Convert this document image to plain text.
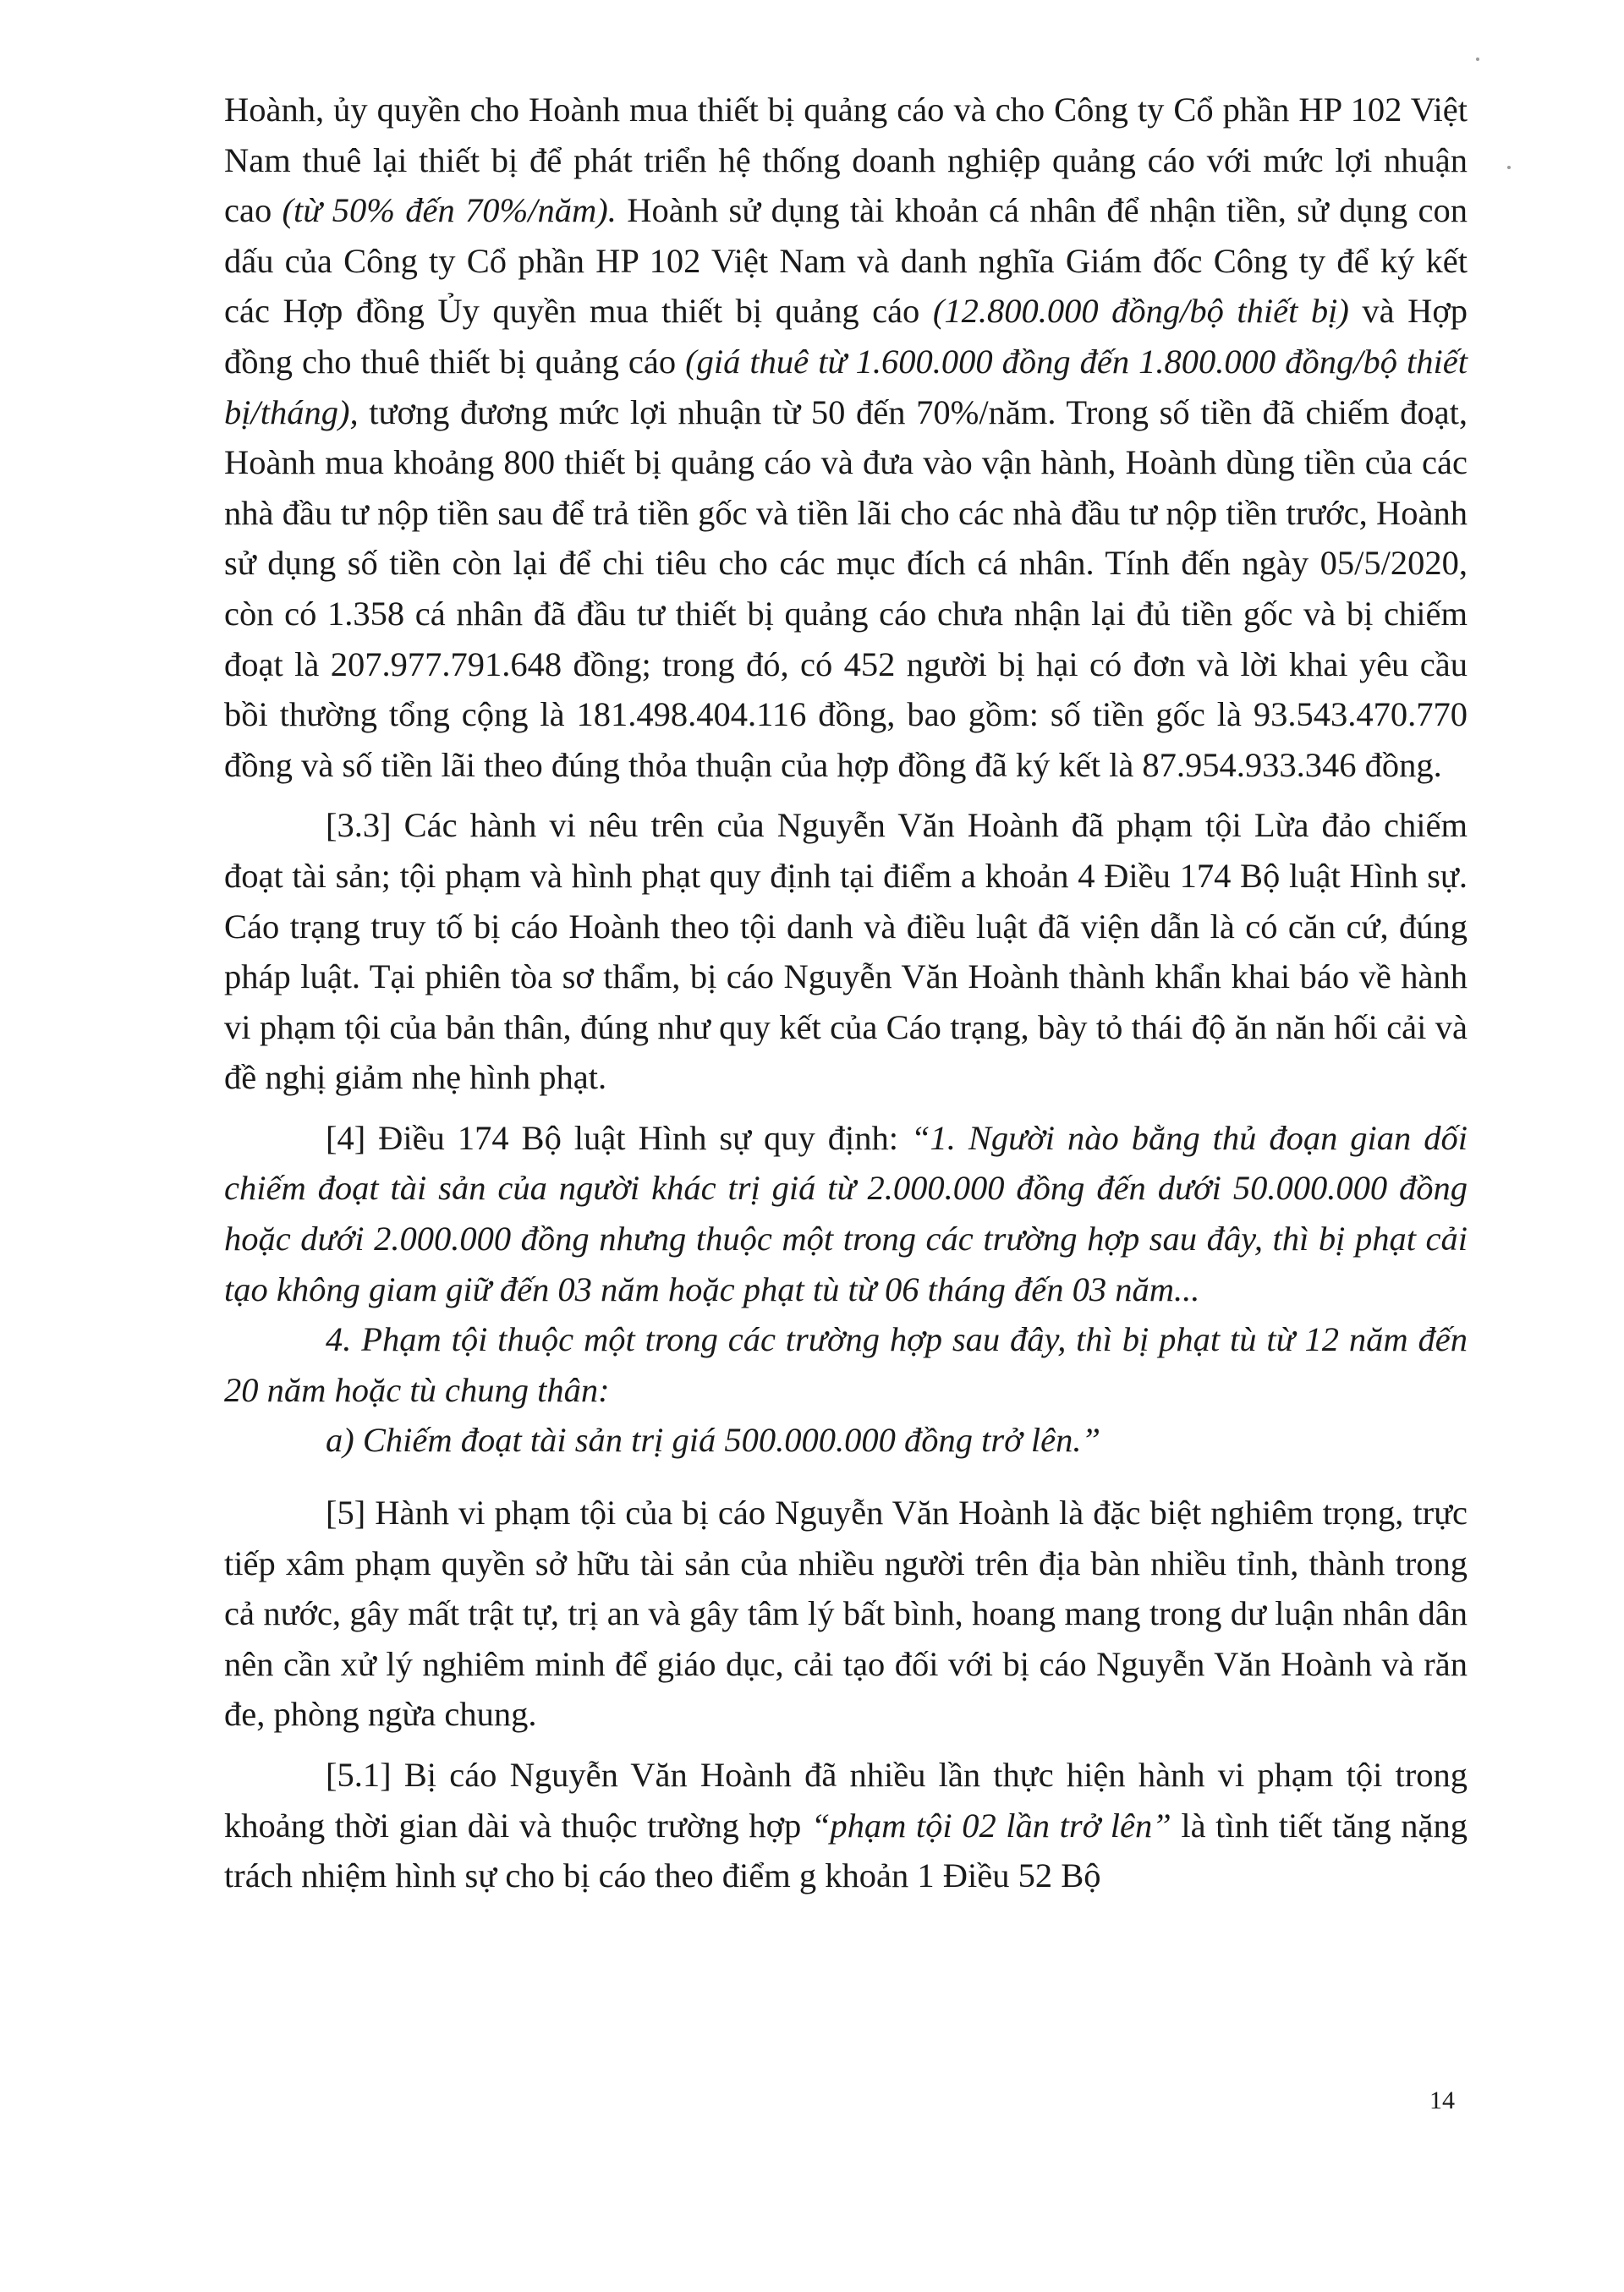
Hoành, ủy quyền cho Hoành mua thiết bị quảng cáo và cho Công ty Cổ phần HP 102 Việt Nam thuê lại thiết bị để phát triển hệ thống doanh nghiệp quảng cáo với mức lợi nhuận cao (từ 50% đến 70%/năm). Hoành sử dụng tài khoản cá nhân để nhận tiền, sử dụng con dấu của Công ty Cổ phần HP 102 Việt Nam và danh nghĩa Giám đốc Công ty để ký kết các Hợp đồng Ủy quyền mua thiết bị quảng cáo (12.800.000 đồng/bộ thiết bị) và Hợp đồng cho thuê thiết bị quảng cáo (giá thuê từ 1.600.000 đồng đến 1.800.000 đồng/bộ thiết bị/tháng), tương đương mức lợi nhuận từ 50 đến 70%/năm. Trong số tiền đã chiếm đoạt, Hoành mua khoảng 800 thiết bị quảng cáo và đưa vào vận hành, Hoành dùng tiền của các nhà đầu tư nộp tiền sau để trả tiền gốc và tiền lãi cho các nhà đầu tư nộp tiền trước, Hoành sử dụng số tiền còn lại để chi tiêu cho các mục đích cá nhân. Tính đến ngày 05/5/2020, còn có 1.358 cá nhân đã đầu tư thiết bị quảng cáo chưa nhận lại đủ tiền gốc và bị chiếm đoạt là 207.977.791.648 đồng; trong đó, có 452 người bị hại có đơn và lời khai yêu cầu bồi thường tổng cộng là 181.498.404.116 đồng, bao gồm: số tiền gốc là 93.543.470.770 đồng và số tiền lãi theo đúng thỏa thuận của hợp đồng đã ký kết là 87.954.933.346 đồng.

[3.3] Các hành vi nêu trên của Nguyễn Văn Hoành đã phạm tội Lừa đảo chiếm đoạt tài sản; tội phạm và hình phạt quy định tại điểm a khoản 4 Điều 174 Bộ luật Hình sự. Cáo trạng truy tố bị cáo Hoành theo tội danh và điều luật đã viện dẫn là có căn cứ, đúng pháp luật. Tại phiên tòa sơ thẩm, bị cáo Nguyễn Văn Hoành thành khẩn khai báo về hành vi phạm tội của bản thân, đúng như quy kết của Cáo trạng, bày tỏ thái độ ăn năn hối cải và đề nghị giảm nhẹ hình phạt.

[4] Điều 174 Bộ luật Hình sự quy định: “1. Người nào bằng thủ đoạn gian dối chiếm đoạt tài sản của người khác trị giá từ 2.000.000 đồng đến dưới 50.000.000 đồng hoặc dưới 2.000.000 đồng nhưng thuộc một trong các trường hợp sau đây, thì bị phạt cải tạo không giam giữ đến 03 năm hoặc phạt tù từ 06 tháng đến 03 năm...

4. Phạm tội thuộc một trong các trường hợp sau đây, thì bị phạt tù từ 12 năm đến 20 năm hoặc tù chung thân:

a) Chiếm đoạt tài sản trị giá 500.000.000 đồng trở lên.”

[5] Hành vi phạm tội của bị cáo Nguyễn Văn Hoành là đặc biệt nghiêm trọng, trực tiếp xâm phạm quyền sở hữu tài sản của nhiều người trên địa bàn nhiều tỉnh, thành trong cả nước, gây mất trật tự, trị an và gây tâm lý bất bình, hoang mang trong dư luận nhân dân nên cần xử lý nghiêm minh để giáo dục, cải tạo đối với bị cáo Nguyễn Văn Hoành và răn đe, phòng ngừa chung.

[5.1] Bị cáo Nguyễn Văn Hoành đã nhiều lần thực hiện hành vi phạm tội trong khoảng thời gian dài và thuộc trường hợp “phạm tội 02 lần trở lên” là tình tiết tăng nặng trách nhiệm hình sự cho bị cáo theo điểm g khoản 1 Điều 52 Bộ

14
